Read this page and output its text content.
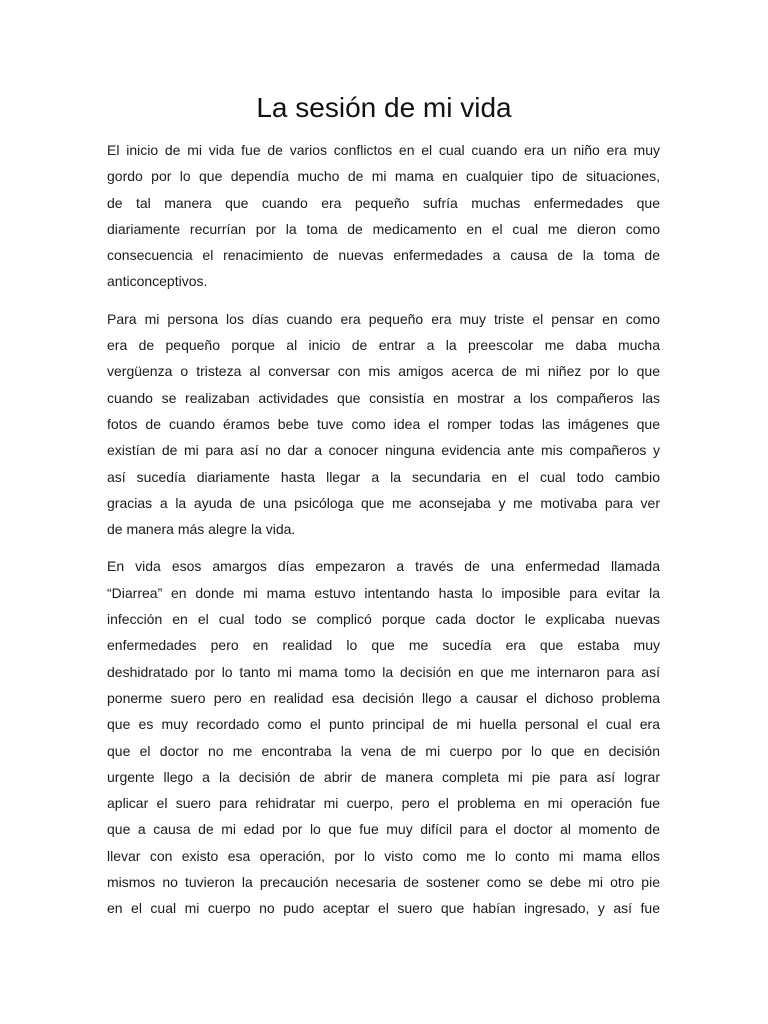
La sesión de mi vida
El inicio de mi vida fue de varios conflictos en el cual cuando era un niño era muy
gordo por lo que dependía mucho de mi mama en cualquier tipo de situaciones,
de tal manera que cuando era pequeño sufría muchas enfermedades que
diariamente recurrían por la toma de medicamento en el cual me dieron como
consecuencia el renacimiento de nuevas enfermedades a causa de la toma de
anticonceptivos.
Para mi persona los días cuando era pequeño era muy triste el pensar en como
era de pequeño porque al inicio de entrar a la preescolar me daba mucha
vergüenza o tristeza al conversar con mis amigos acerca de mi niñez por lo que
cuando se realizaban actividades que consistía en mostrar a los compañeros las
fotos de cuando éramos bebe tuve como idea el romper todas las imágenes que
existían de mi para así no dar a conocer ninguna evidencia ante mis compañeros y
así sucedía diariamente hasta llegar a la secundaria en el cual todo cambio
gracias a la ayuda de una psicóloga que me aconsejaba y me motivaba para ver
de manera más alegre la vida.
En vida esos amargos días empezaron a través de una enfermedad llamada
“Diarrea” en donde mi mama estuvo intentando hasta lo imposible para evitar la
infección en el cual todo se complicó porque cada doctor le explicaba nuevas
enfermedades pero en realidad lo que me sucedía era que estaba muy
deshidratado por lo tanto mi mama tomo la decisión en que me internaron para así
ponerme suero pero en realidad esa decisión llego a causar el dichoso problema
que es muy recordado como el punto principal de mi huella personal el cual era
que el doctor no me encontraba la vena de mi cuerpo por lo que en decisión
urgente llego a la decisión de abrir de manera completa mi pie para así lograr
aplicar el suero para rehidratar mi cuerpo, pero el problema en mi operación fue
que a causa de mi edad por lo que fue muy difícil para el doctor al momento de
llevar con existo esa operación, por lo visto como me lo conto mi mama ellos
mismos no tuvieron la precaución necesaria de sostener como se debe mi otro pie
en el cual mi cuerpo no pudo aceptar el suero que habían ingresado, y así fue
